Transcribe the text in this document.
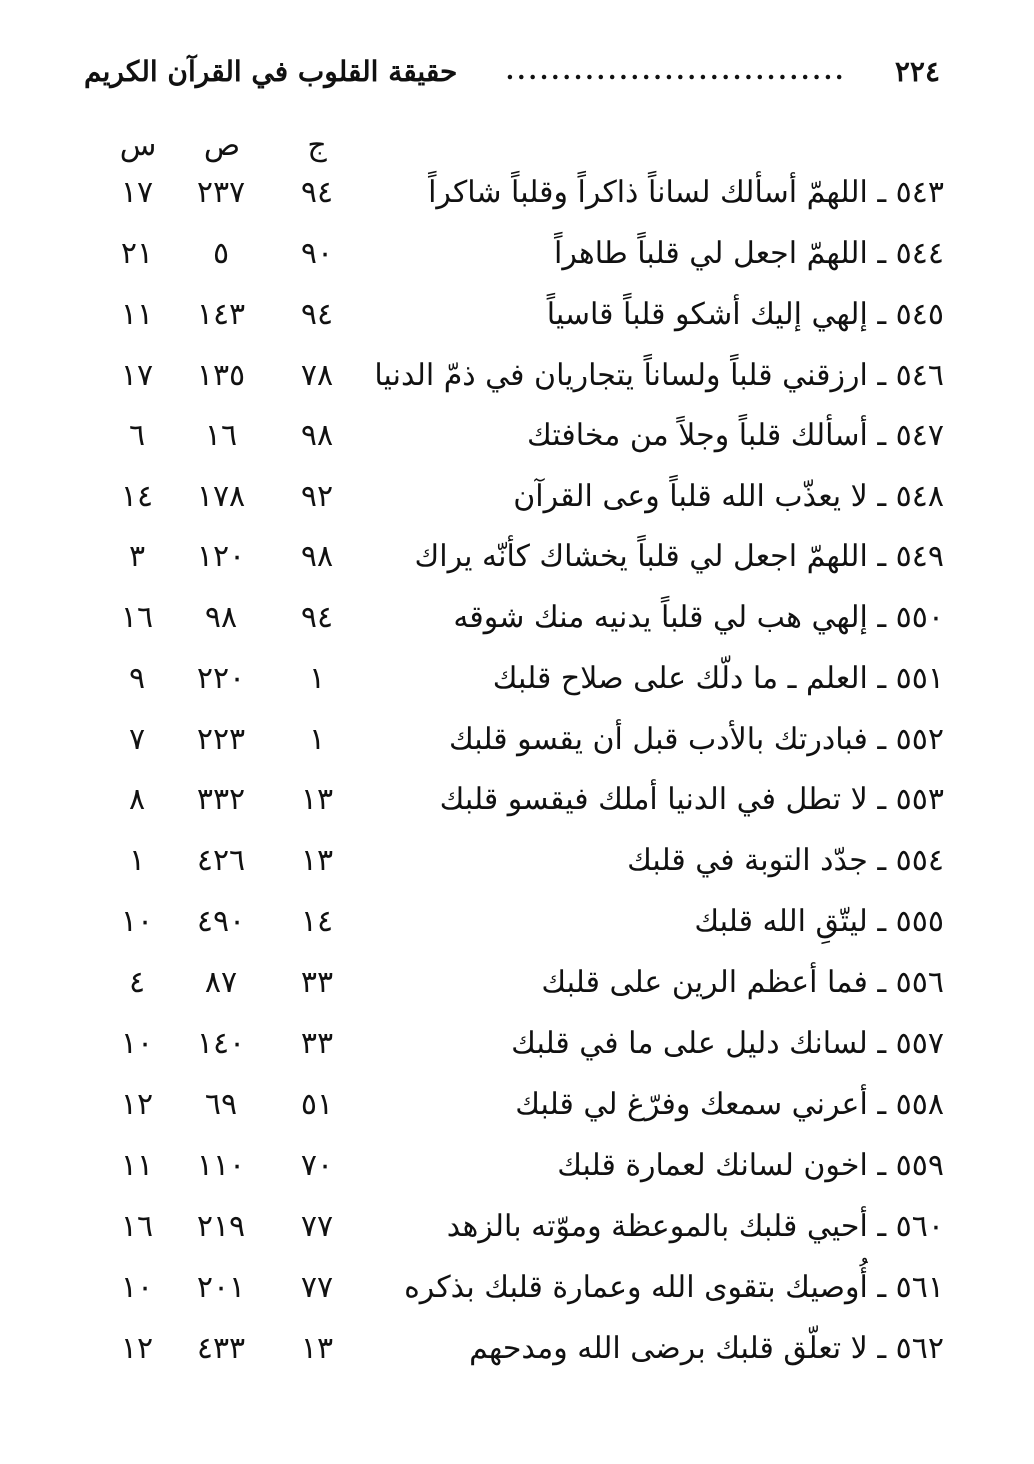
٢٢٤
..............................
حقيقة القلوب في القرآن الكريم
ج
ص
س
٥٤٣ ـ اللهمّ أسألك لساناً ذاكراً وقلباً شاكراً
٩٤
٢٣٧
١٧
٥٤٤ ـ اللهمّ اجعل لي قلباً طاهراً
٩٠
٥
٢١
٥٤٥ ـ إلهي إليك أشكو قلباً قاسياً
٩٤
١٤٣
١١
٥٤٦ ـ ارزقني قلباً ولساناً يتجاريان في ذمّ الدنيا
٧٨
١٣٥
١٧
٥٤٧ ـ أسألك قلباً وجلاً من مخافتك
٩٨
١٦
٦
٥٤٨ ـ لا يعذّب الله قلباً وعى القرآن
٩٢
١٧٨
١٤
٥٤٩ ـ اللهمّ اجعل لي قلباً يخشاك كأنّه يراك
٩٨
١٢٠
٣
٥٥٠ ـ إلهي هب لي قلباً يدنيه منك شوقه
٩٤
٩٨
١٦
٥٥١ ـ العلم ـ ما دلّك على صلاح قلبك
١
٢٢٠
٩
٥٥٢ ـ فبادرتك بالأدب قبل أن يقسو قلبك
١
٢٢٣
٧
٥٥٣ ـ لا تطل في الدنيا أملك فيقسو قلبك
١٣
٣٣٢
٨
٥٥٤ ـ جدّد التوبة في قلبك
١٣
٤٢٦
١
٥٥٥ ـ ليتّقِ الله قلبك
١٤
٤٩٠
١٠
٥٥٦ ـ فما أعظم الرين على قلبك
٣٣
٨٧
٤
٥٥٧ ـ لسانك دليل على ما في قلبك
٣٣
١٤٠
١٠
٥٥٨ ـ أعرني سمعك وفرّغ لي قلبك
٥١
٦٩
١٢
٥٥٩ ـ اخون لسانك لعمارة قلبك
٧٠
١١٠
١١
٥٦٠ ـ أحيي قلبك بالموعظة وموّته بالزهد
٧٧
٢١٩
١٦
٥٦١ ـ أُوصيك بتقوى الله وعمارة قلبك بذكره
٧٧
٢٠١
١٠
٥٦٢ ـ لا تعلّق قلبك برضى الله ومدحهم
١٣
٤٣٣
١٢
